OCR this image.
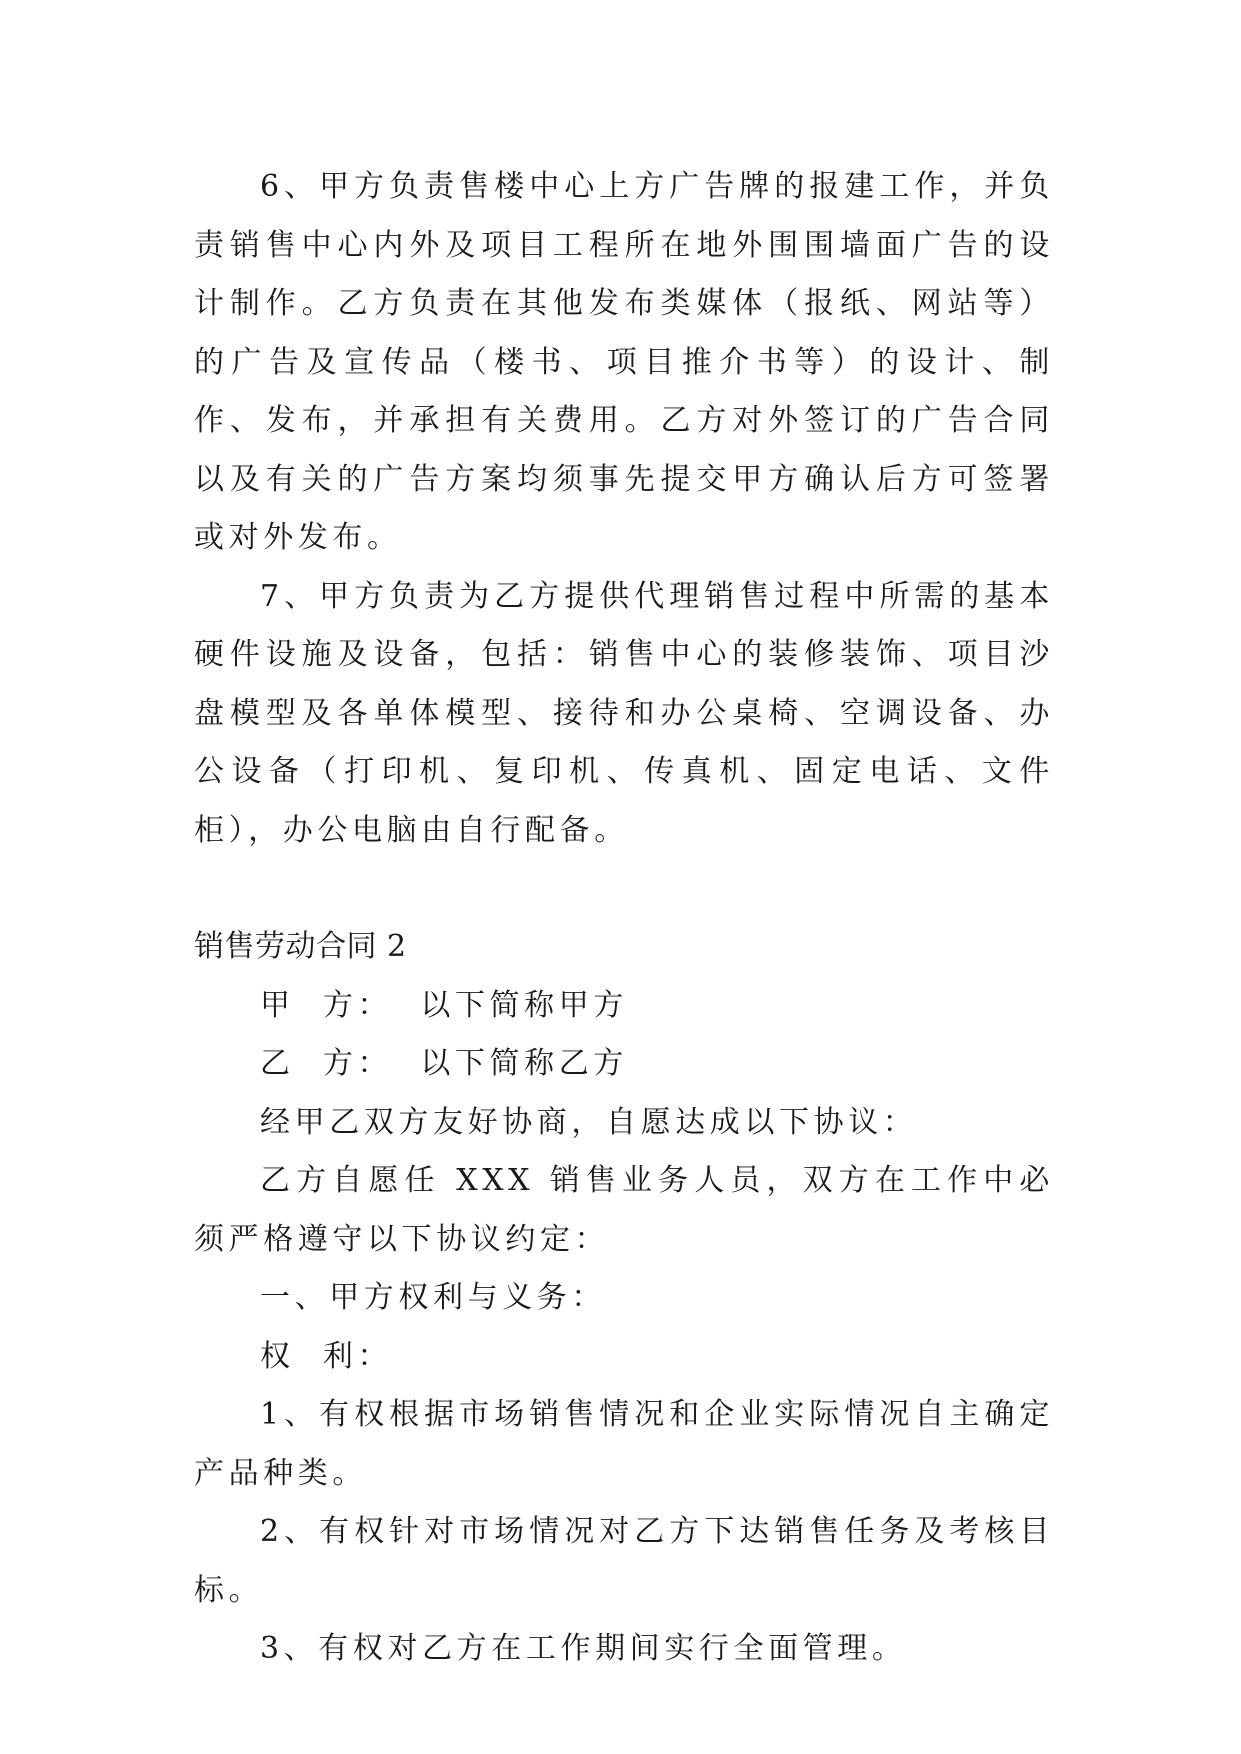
6、甲方负责售楼中心上方广告牌的报建工作，并负责销售中心内外及项目工程所在地外围围墙面广告的设计制作。乙方负责在其他发布类媒体（报纸、网站等）的广告及宣传品（楼书、项目推介书等）的设计、制作、发布，并承担有关费用。乙方对外签订的广告合同以及有关的广告方案均须事先提交甲方确认后方可签署或对外发布。

7、甲方负责为乙方提供代理销售过程中所需的基本硬件设施及设备，包括：销售中心的装修装饰、项目沙盘模型及各单体模型、接待和办公桌椅、空调设备、办公设备（打印机、复印机、传真机、固定电话、文件柜），办公电脑由自行配备。

销售劳动合同 2

甲  方：  以下简称甲方

乙  方：  以下简称乙方

经甲乙双方友好协商，自愿达成以下协议：

乙方自愿任 XXX 销售业务人员，双方在工作中必须严格遵守以下协议约定：

一、甲方权利与义务：

权  利：

1、有权根据市场销售情况和企业实际情况自主确定产品种类。

2、有权针对市场情况对乙方下达销售任务及考核目标。

3、有权对乙方在工作期间实行全面管理。
